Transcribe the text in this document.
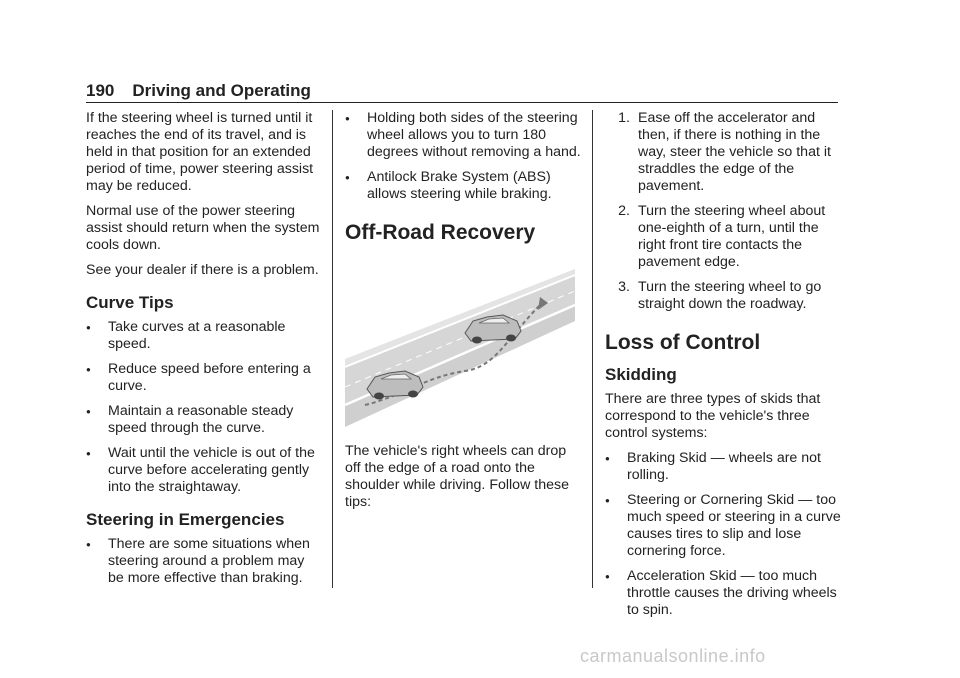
190 Driving and Operating

If the steering wheel is turned until it reaches the end of its travel, and is held in that position for an extended period of time, power steering assist may be reduced.

Normal use of the power steering assist should return when the system cools down.

See your dealer if there is a problem.

Curve Tips
●	Take curves at a reasonable speed.
●	Reduce speed before entering a curve.
●	Maintain a reasonable steady speed through the curve.
●	Wait until the vehicle is out of the curve before accelerating gently into the straightaway.
Steering in Emergencies
●	There are some situations when steering around a problem may be more effective than braking.
●	Holding both sides of the steering wheel allows you to turn 180 degrees without removing a hand.
●	Antilock Brake System (ABS) allows steering while braking.
Off-Road Recovery

The vehicle's right wheels can drop off the edge of a road onto the shoulder while driving. Follow these tips:

1. Ease off the accelerator and then, if there is nothing in the way, steer the vehicle so that it straddles the edge of the pavement.
2. Turn the steering wheel about one-eighth of a turn, until the right front tire contacts the pavement edge.
3. Turn the steering wheel to go straight down the roadway.
Loss of Control
Skidding

There are three types of skids that correspond to the vehicle's three control systems:

●	Braking Skid — wheels are not rolling.
●	Steering or Cornering Skid — too much speed or steering in a curve causes tires to slip and lose cornering force.
●	Acceleration Skid — too much throttle causes the driving wheels to spin.
carmanualsonline.info
